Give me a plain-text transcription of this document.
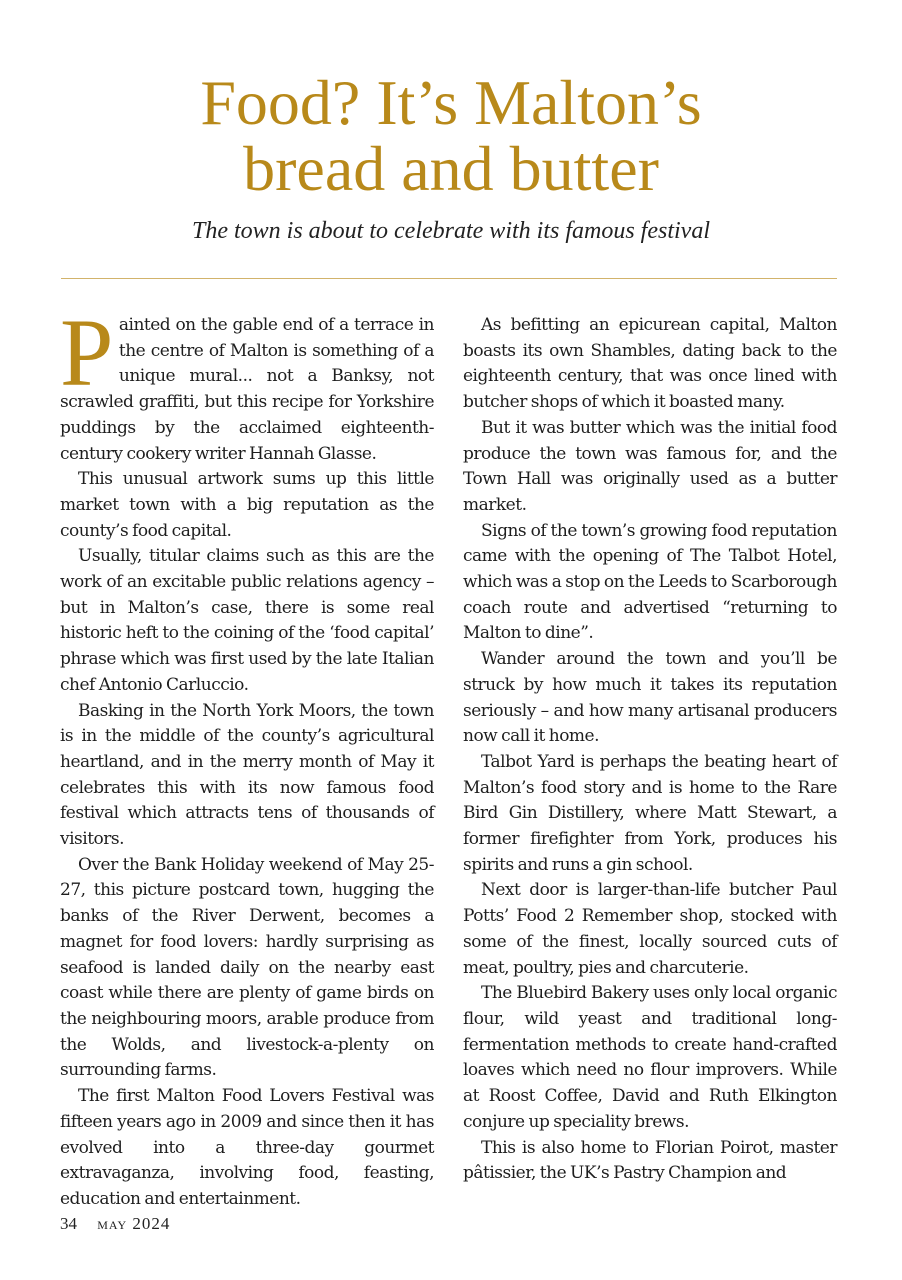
Food? It’s Malton’s
bread and butter
The town is about to celebrate with its famous festival

Painted on the gable end of a terrace in the centre of Malton is something of a unique mural... not a Banksy, not scrawled graffiti, but this recipe for Yorkshire puddings by the acclaimed eighteenth-century cookery writer Hannah Glasse.

This unusual artwork sums up this little market town with a big reputation as the county’s food capital.

Usually, titular claims such as this are the work of an excitable public relations agency – but in Malton’s case, there is some real historic heft to the coining of the ‘food capital’ phrase which was first used by the late Italian chef Antonio Carluccio.

Basking in the North York Moors, the town is in the middle of the county’s agricultural heartland, and in the merry month of May it celebrates this with its now famous food festival which attracts tens of thousands of visitors.

Over the Bank Holiday weekend of May 25-27, this picture postcard town, hugging the banks of the River Derwent, becomes a magnet for food lovers: hardly surprising as seafood is landed daily on the nearby east coast while there are plenty of game birds on the neighbouring moors, arable produce from the Wolds, and livestock-a-plenty on surrounding farms.

The first Malton Food Lovers Festival was fifteen years ago in 2009 and since then it has evolved into a three-day gourmet extravaganza, involving food, feasting, education and entertainment.

As befitting an epicurean capital, Malton boasts its own Shambles, dating back to the eighteenth century, that was once lined with butcher shops of which it boasted many.

But it was butter which was the initial food produce the town was famous for, and the Town Hall was originally used as a butter market.

Signs of the town’s growing food reputation came with the opening of The Talbot Hotel, which was a stop on the Leeds to Scarborough coach route and advertised “returning to Malton to dine”.

Wander around the town and you’ll be struck by how much it takes its reputation seriously – and how many artisanal producers now call it home.

Talbot Yard is perhaps the beating heart of Malton’s food story and is home to the Rare Bird Gin Distillery, where Matt Stewart, a former firefighter from York, produces his spirits and runs a gin school.

Next door is larger-than-life butcher Paul Potts’ Food 2 Remember shop, stocked with some of the finest, locally sourced cuts of meat, poultry, pies and charcuterie.

The Bluebird Bakery uses only local organic flour, wild yeast and traditional long-fermentation methods to create hand-crafted loaves which need no flour improvers. While at Roost Coffee, David and Ruth Elkington conjure up speciality brews.

This is also home to Florian Poirot, master pâtissier, the UK’s Pastry Champion and

34 may 2024
